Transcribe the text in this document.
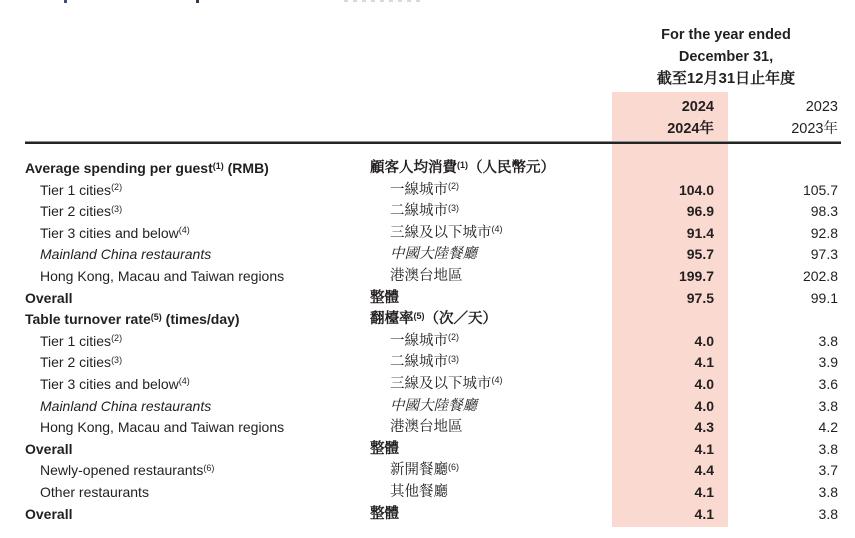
For the year ended
December 31,
截至12月31日止年度
2024	2023
2024年	2023年
Average spending per guest$^{(1)}$ (RMB)	顧客人均消費$^{(1)}$（人民幣元）
Tier 1 cities$^{(2)}$	一線城市$^{(2)}$	104.0	105.7
Tier 2 cities$^{(3)}$	二線城市$^{(3)}$	96.9	98.3
Tier 3 cities and below$^{(4)}$	三線及以下城市$^{(4)}$	91.4	92.8
Mainland China restaurants	中國大陸餐廳	95.7	97.3
Hong Kong, Macau and Taiwan regions	港澳台地區	199.7	202.8
Overall	整體	97.5	99.1
Table turnover rate$^{(5)}$ (times/day)	翻檯率$^{(5)}$（次／天）
Tier 1 cities$^{(2)}$	一線城市$^{(2)}$	4.0	3.8
Tier 2 cities$^{(3)}$	二線城市$^{(3)}$	4.1	3.9
Tier 3 cities and below$^{(4)}$	三線及以下城市$^{(4)}$	4.0	3.6
Mainland China restaurants	中國大陸餐廳	4.0	3.8
Hong Kong, Macau and Taiwan regions	港澳台地區	4.3	4.2
Overall	整體	4.1	3.8
Newly-opened restaurants$^{(6)}$	新開餐廳$^{(6)}$	4.4	3.7
Other restaurants	其他餐廳	4.1	3.8
Overall	整體	4.1	3.8
